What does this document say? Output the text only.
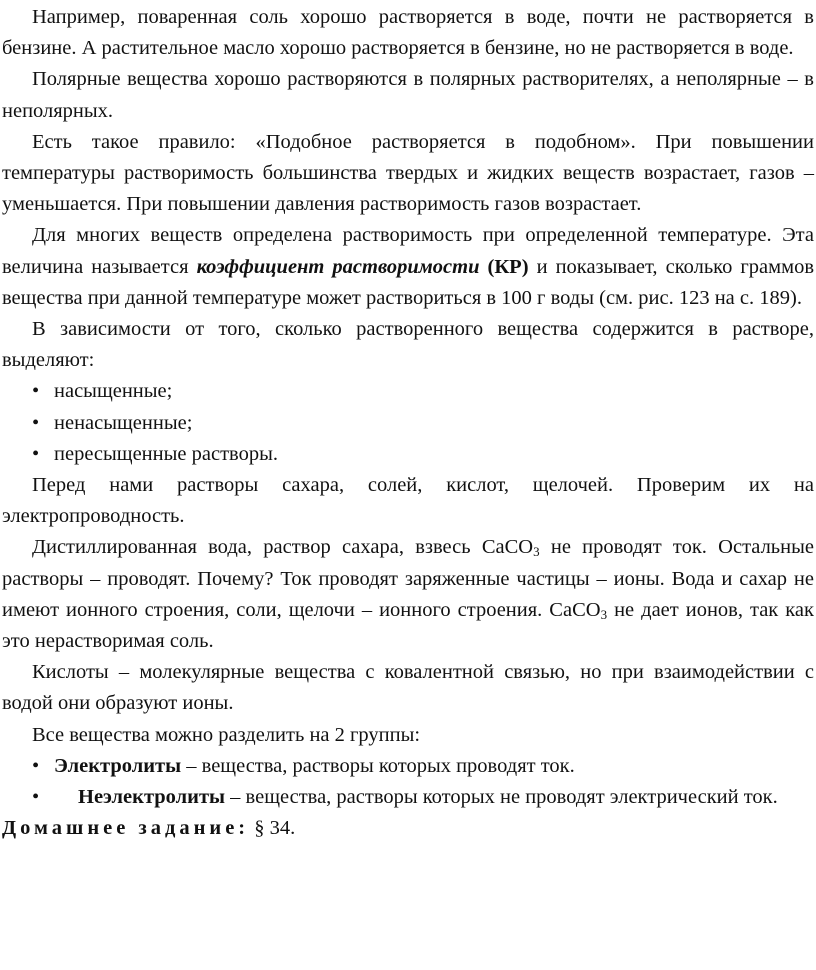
Например, поваренная соль хорошо растворяется в воде, почти не растворяется в бензине. А растительное масло хорошо растворяется в бензине, но не растворяется в воде.

Полярные вещества хорошо растворяются в полярных растворителях, а неполярные – в неполярных.

Есть такое правило: «Подобное растворяется в подобном». При повышении температуры растворимость большинства твердых и жидких веществ возрастает, газов – уменьшается. При повышении давления растворимость газов возрастает.

Для многих веществ определена растворимость при определенной температуре. Эта величина называется коэффициент растворимости (КР) и показывает, сколько граммов вещества при данной температуре может раствориться в 100 г воды (см. рис. 123 на с. 189).

В зависимости от того, сколько растворенного вещества содержится в растворе, выделяют:

• насыщенные;

• ненасыщенные;

• пересыщенные растворы.

Перед нами растворы сахара, солей, кислот, щелочей. Проверим их на электропроводность.

Дистиллированная вода, раствор сахара, взвесь CaCO$_3$ не проводят ток. Остальные растворы – проводят. Почему? Ток проводят заряженные частицы – ионы. Вода и сахар не имеют ионного строения, соли, щелочи – ионного строения. CaCO$_3$ не дает ионов, так как это нерастворимая соль.

Кислоты – молекулярные вещества с ковалентной связью, но при взаимодействии с водой они образуют ионы.

Все вещества можно разделить на 2 группы:

• Электролиты – вещества, растворы которых проводят ток.

• Неэлектролиты – вещества, растворы которых не проводят электрический ток.

Домашнее задание: § 34.
